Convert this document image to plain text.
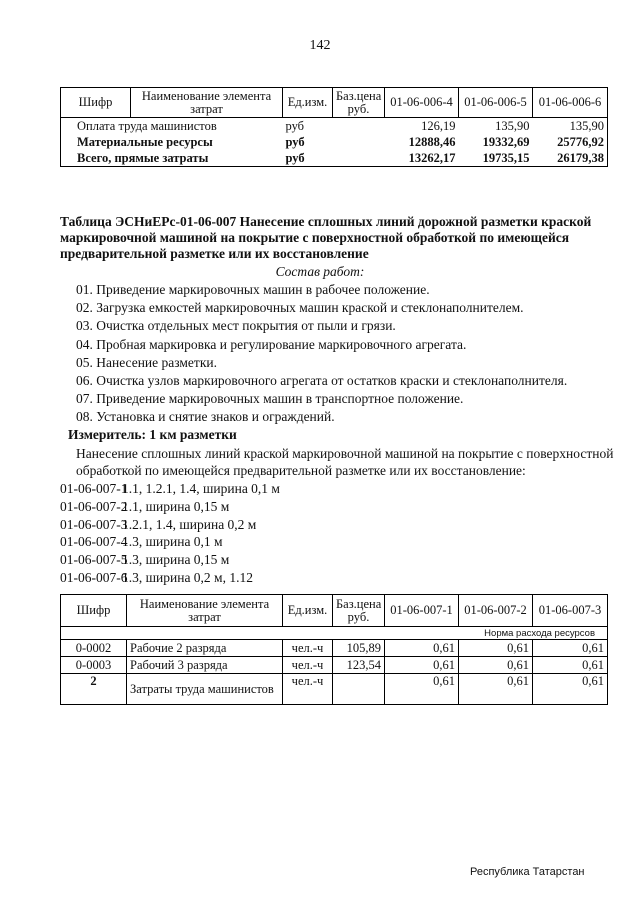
142
Шифр	Наименование элемента затрат	Ед.изм.	Баз.цена руб.	01-06-006-4	01-06-006-5	01-06-006-6
Оплата труда машинистов		руб		126,19	135,90	135,90
Материальные ресурсы		руб		12888,46	19332,69	25776,92
Всего, прямые затраты		руб		13262,17	19735,15	26179,38

Таблица ЭСНиЕРс-01-06-007 Нанесение сплошных линий дорожной разметки краской маркировочной машиной на покрытие с поверхностной обработкой по имеющейся предварительной разметке или их восстановление

Состав работ:
01. Приведение маркировочных машин в рабочее положение.
02. Загрузка емкостей маркировочных машин краской и стеклонаполнителем.
03. Очистка отдельных мест покрытия от пыли и грязи.
04. Пробная маркировка и регулирование маркировочного агрегата.
05. Нанесение разметки.
06. Очистка узлов маркировочного агрегата от остатков краски и стеклонаполнителя.
07. Приведение маркировочных машин в транспортное положение.
08. Установка и снятие знаков и ограждений.
Измеритель: 1 км разметки

Нанесение сплошных линий краской маркировочной машиной на покрытие с поверхностной обработкой по имеющейся предварительной разметке или их восстановление:

01-06-007-11.1, 1.2.1, 1.4, ширина 0,1 м
01-06-007-21.1, ширина 0,15 м
01-06-007-31.2.1, 1.4, ширина 0,2 м
01-06-007-41.3, ширина 0,1 м
01-06-007-51.3, ширина 0,15 м
01-06-007-61.3, ширина 0,2 м, 1.12
Шифр	Наименование элемента затрат	Ед.изм.	Баз.цена руб.	01-06-007-1	01-06-007-2	01-06-007-3
Норма расхода ресурсов						
0-0002	Рабочие 2 разряда	чел.-ч	105,89	0,61	0,61	0,61
0-0003	Рабочий 3 разряда	чел.-ч	123,54	0,61	0,61	0,61
2	Затраты труда машинистов	чел.-ч		0,61	0,61	0,61
Республика Татарстан
